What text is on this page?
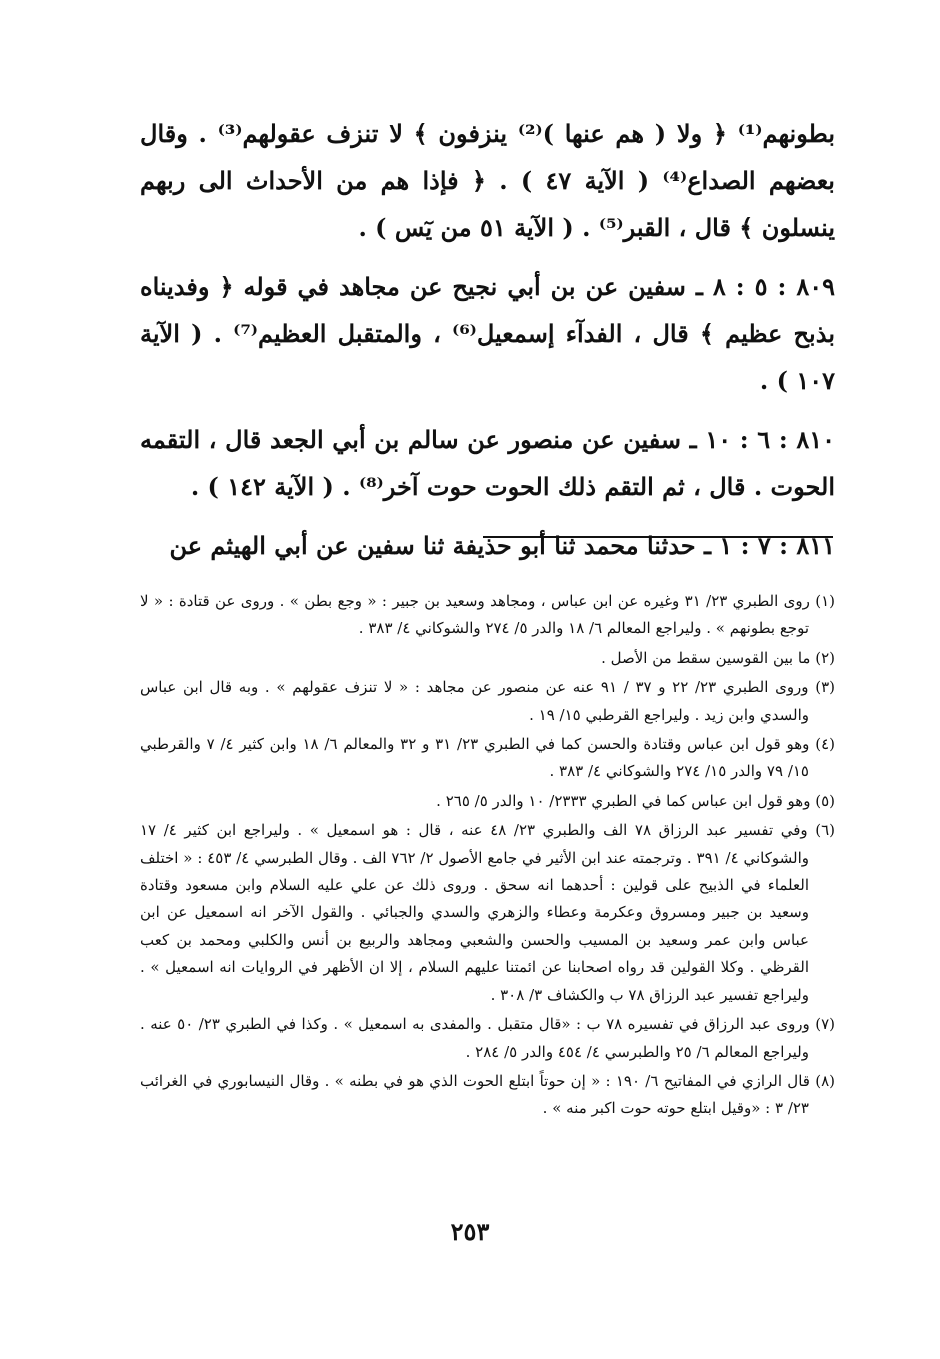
بطونهم⁽¹⁾ ﴿ ولا ( هم عنها )⁽²⁾ ينزفون ﴾ لا تنزف عقولهم⁽³⁾ . وقال بعضهم الصداع⁽⁴⁾ ( الآية ٤٧ ) . ﴿ فإذا هم من الأحداث الى ربهم ينسلون ﴾ قال ، القبر⁽⁵⁾ . ( الآية ٥١ من يٓس ) .

٨٠٩ : ٥ : ٨ ـ سفين عن بن أبي نجيح عن مجاهد في قوله ﴿ وفديناه بذبح عظيم ﴾ قال ، الفدآء إسمعيل⁽⁶⁾ ، والمتقبل العظيم⁽⁷⁾ . ( الآية ١٠٧ ) .

٨١٠ : ٦ : ١٠ ـ سفين عن منصور عن سالم بن أبي الجعد قال ، التقمه الحوت . قال ، ثم التقم ذلك الحوت حوت آخر⁽⁸⁾ . ( الآية ١٤٢ ) .

٨١١ : ٧ : ١ ـ حدثنا محمد ثنا أبو حذيفة ثنا سفين عن أبي الهيثم عن

(١) روى الطبري ٢٣/ ٣١ وغيره عن ابن عباس ، ومجاهد وسعيد بن جبير : « وجع بطن » . وروى عن قتادة : « لا توجع بطونهم » . وليراجع المعالم ٦/ ١٨ والدر ٥/ ٢٧٤ والشوكاني ٤/ ٣٨٣ .

(٢) ما بين القوسين سقط من الأصل .

(٣) وروى الطبري ٢٣/ ٢٢ و ٣٧ / ٩١ عنه عن منصور عن مجاهد : « لا تنزف عقولهم » . وبه قال ابن عباس والسدي وابن زيد . وليراجع القرطبي ١٥/ ١٩ .

(٤) وهو قول ابن عباس وقتادة والحسن كما في الطبري ٢٣/ ٣١ و ٣٢ والمعالم ٦/ ١٨ وابن كثير ٤/ ٧ والقرطبي ١٥/ ٧٩ والدر ١٥/ ٢٧٤ والشوكاني ٤/ ٣٨٣ .

(٥) وهو قول ابن عباس كما في الطبري ٢٣٣٣/ ١٠ والدر ٥/ ٢٦٥ .

(٦) وفي تفسير عبد الرزاق ٧٨ الف والطبري ٢٣/ ٤٨ عنه ، قال : هو اسمعيل » . وليراجع ابن كثير ٤/ ١٧ والشوكاني ٤/ ٣٩١ . وترجمته عند ابن الأثير في جامع الأصول ٢/ ٧٦٢ الف . وقال الطبرسي ٤/ ٤٥٣ : « اختلف العلماء في الذبيح على قولين : أحدهما انه سحق . وروى ذلك عن علي عليه السلام وابن مسعود وقتادة وسعيد بن جبير ومسروق وعكرمة وعطاء والزهري والسدي والجبائي . والقول الآخر انه اسمعيل عن ابن عباس وابن عمر وسعيد بن المسيب والحسن والشعبي ومجاهد والربيع بن أنس والكلبي ومحمد بن كعب القرظي . وكلا القولين قد رواه اصحابنا عن ائمتنا عليهم السلام ، إلا ان الأظهر في الروايات انه اسمعيل » . وليراجع تفسير عبد الرزاق ٧٨ ب والكشاف ٣/ ٣٠٨ .

(٧) وروى عبد الرزاق في تفسيره ٧٨ ب : «قال متقبل . والمفدى به اسمعيل » . وكذا في الطبري ٢٣/ ٥٠ عنه . وليراجع المعالم ٦/ ٢٥ والطبرسي ٤/ ٤٥٤ والدر ٥/ ٢٨٤ .

(٨) قال الرازي في المفاتيح ٦/ ١٩٠ : « إن حوتاً ابتلع الحوت الذي هو في بطنه » . وقال النيسابوري في الغرائب ٢٣/ ٣ : «وقيل ابتلع حوته حوت اكبر منه » .

٢٥٣
